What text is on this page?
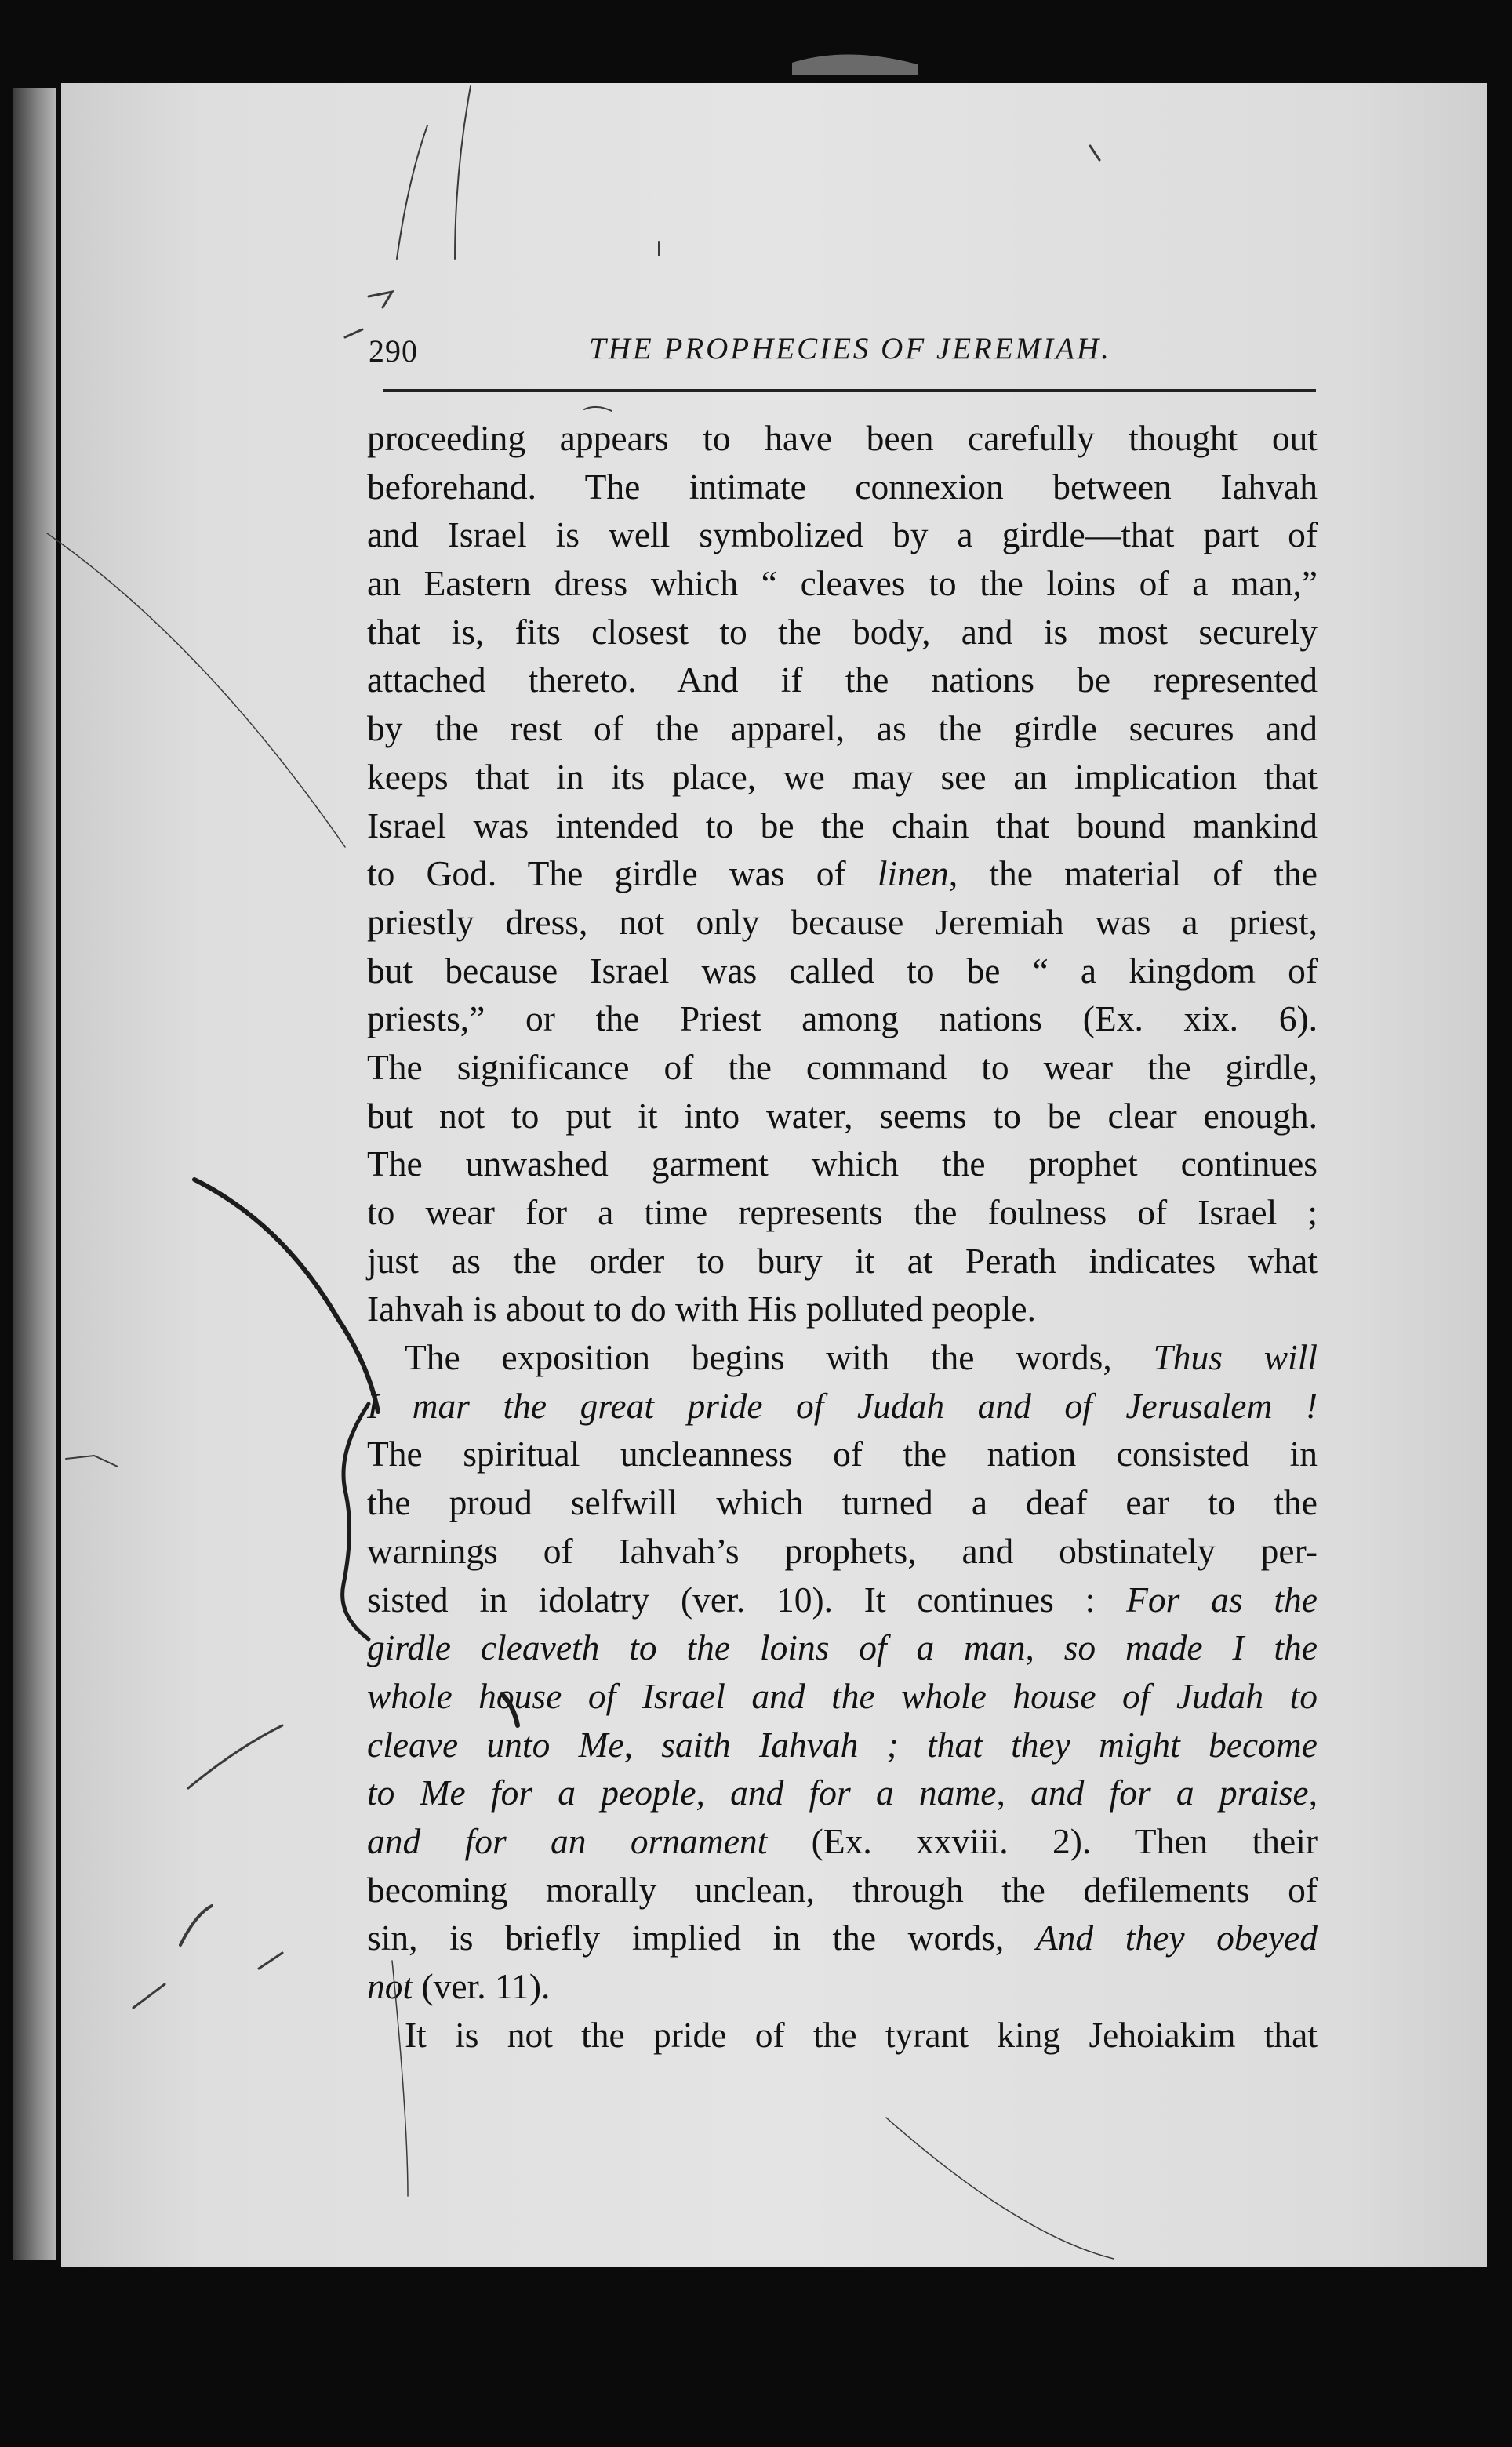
290	THE PROPHECIES OF JEREMIAH.
proceeding appears to have been carefully thought out
beforehand. The intimate connexion between Iahvah
and Israel is well symbolized by a girdle—that part of
an Eastern dress which “ cleaves to the loins of a man,”
that is, fits closest to the body, and is most securely
attached thereto. And if the nations be represented
by the rest of the apparel, as the girdle secures and
keeps that in its place, we may see an implication that
Israel was intended to be the chain that bound mankind
to God. The girdle was of linen, the material of the
priestly dress, not only because Jeremiah was a priest,
but because Israel was called to be “ a kingdom of
priests,” or the Priest among nations (Ex. xix. 6).
The significance of the command to wear the girdle,
but not to put it into water, seems to be clear enough.
The unwashed garment which the prophet continues
to wear for a time represents the foulness of Israel ;
just as the order to bury it at Perath indicates what
Iahvah is about to do with His polluted people.
The exposition begins with the words, Thus will
I mar the great pride of Judah and of Jerusalem !
The spiritual uncleanness of the nation consisted in
the proud selfwill which turned a deaf ear to the
warnings of Iahvah’s prophets, and obstinately per-
sisted in idolatry (ver. 10). It continues : For as the
girdle cleaveth to the loins of a man, so made I the
whole house of Israel and the whole house of Judah to
cleave unto Me, saith Iahvah ; that they might become
to Me for a people, and for a name, and for a praise,
and for an ornament (Ex. xxviii. 2). Then their
becoming morally unclean, through the defilements of
sin, is briefly implied in the words, And they obeyed
not (ver. 11).
It is not the pride of the tyrant king Jehoiakim that
